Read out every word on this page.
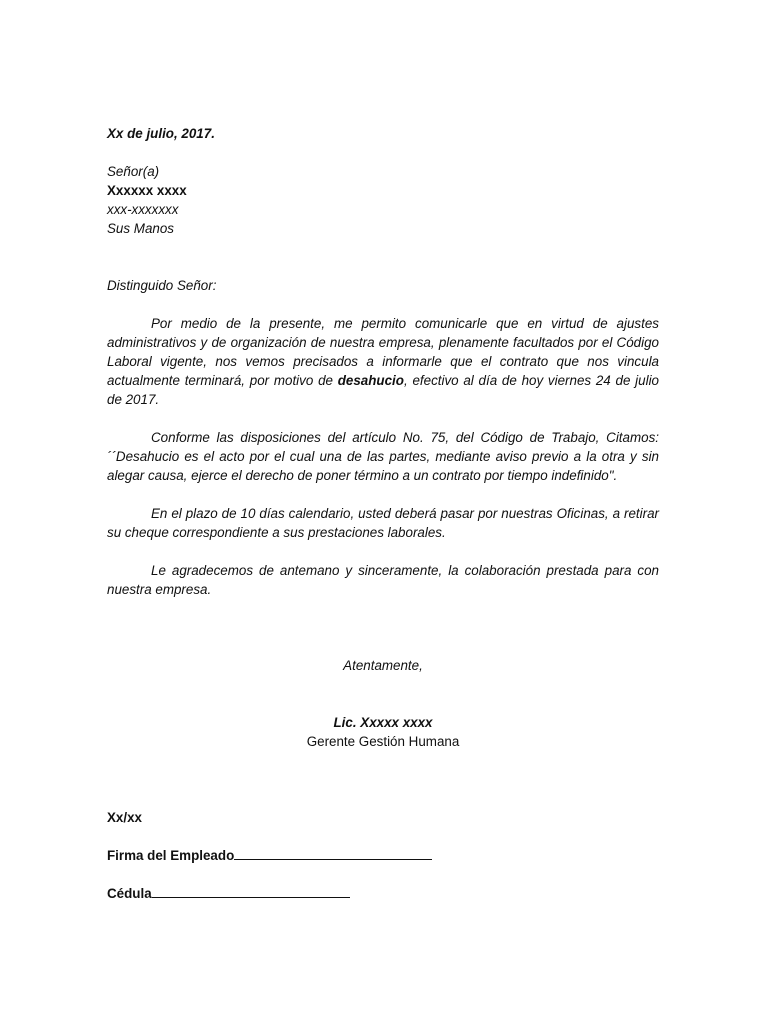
Xx de julio, 2017.

Señor(a)
Xxxxxx xxxx
xxx-xxxxxxx
Sus Manos
Distinguido Señor:

Por medio de la presente, me permito comunicarle que en virtud de ajustes administrativos y de organización de nuestra empresa, plenamente facultados por el Código Laboral vigente, nos vemos precisados a informarle que el contrato que nos vincula actualmente terminará, por motivo de desahucio, efectivo al día de hoy viernes 24 de julio de 2017.

Conforme las disposiciones del artículo No. 75, del Código de Trabajo, Citamos: ´´Desahucio es el acto por el cual una de las partes, mediante aviso previo a la otra y sin alegar causa, ejerce el derecho de poner término a un contrato por tiempo indefinido".

En el plazo de 10 días calendario, usted deberá pasar por nuestras Oficinas, a retirar su cheque correspondiente a sus prestaciones laborales.

Le agradecemos de antemano y sinceramente, la colaboración prestada para con nuestra empresa.

Atentamente,
Lic. Xxxxx xxxx
Gerente Gestión Humana
Xx/xx
Firma del Empleado
Cédula
